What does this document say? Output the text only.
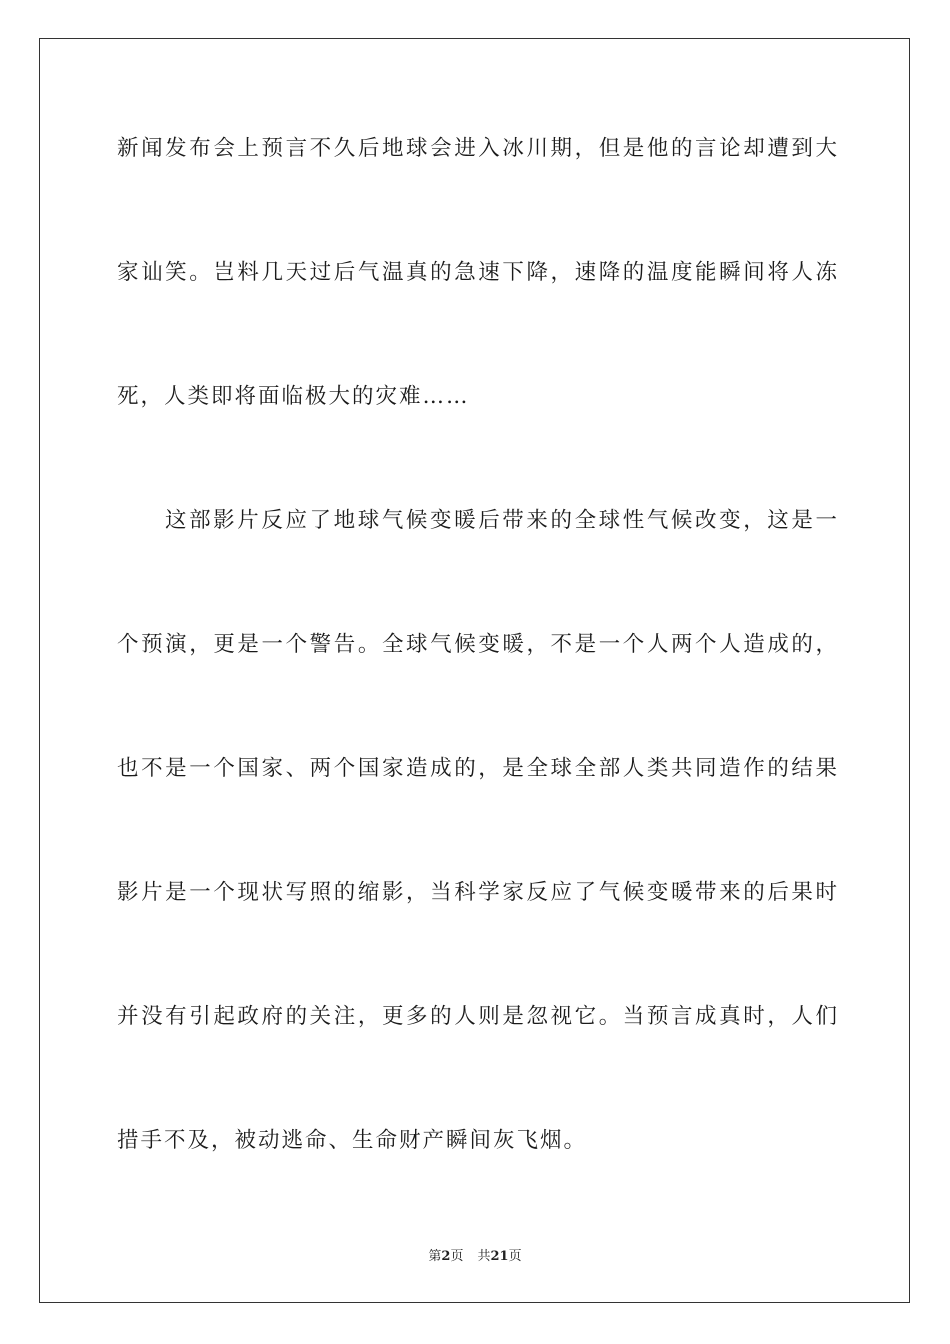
新闻发布会上预言不久后地球会进入冰川期，但是他的言论却遭到大
家讪笑。岂料几天过后气温真的急速下降，速降的温度能瞬间将人冻
死，人类即将面临极大的灾难……
这部影片反应了地球气候变暖后带来的全球性气候改变，这是一
个预演，更是一个警告。全球气候变暖，不是一个人两个人造成的，
也不是一个国家、两个国家造成的，是全球全部人类共同造作的结果
影片是一个现状写照的缩影，当科学家反应了气候变暖带来的后果时
并没有引起政府的关注，更多的人则是忽视它。当预言成真时，人们
措手不及，被动逃命、生命财产瞬间灰飞烟。
第2页 共21页
